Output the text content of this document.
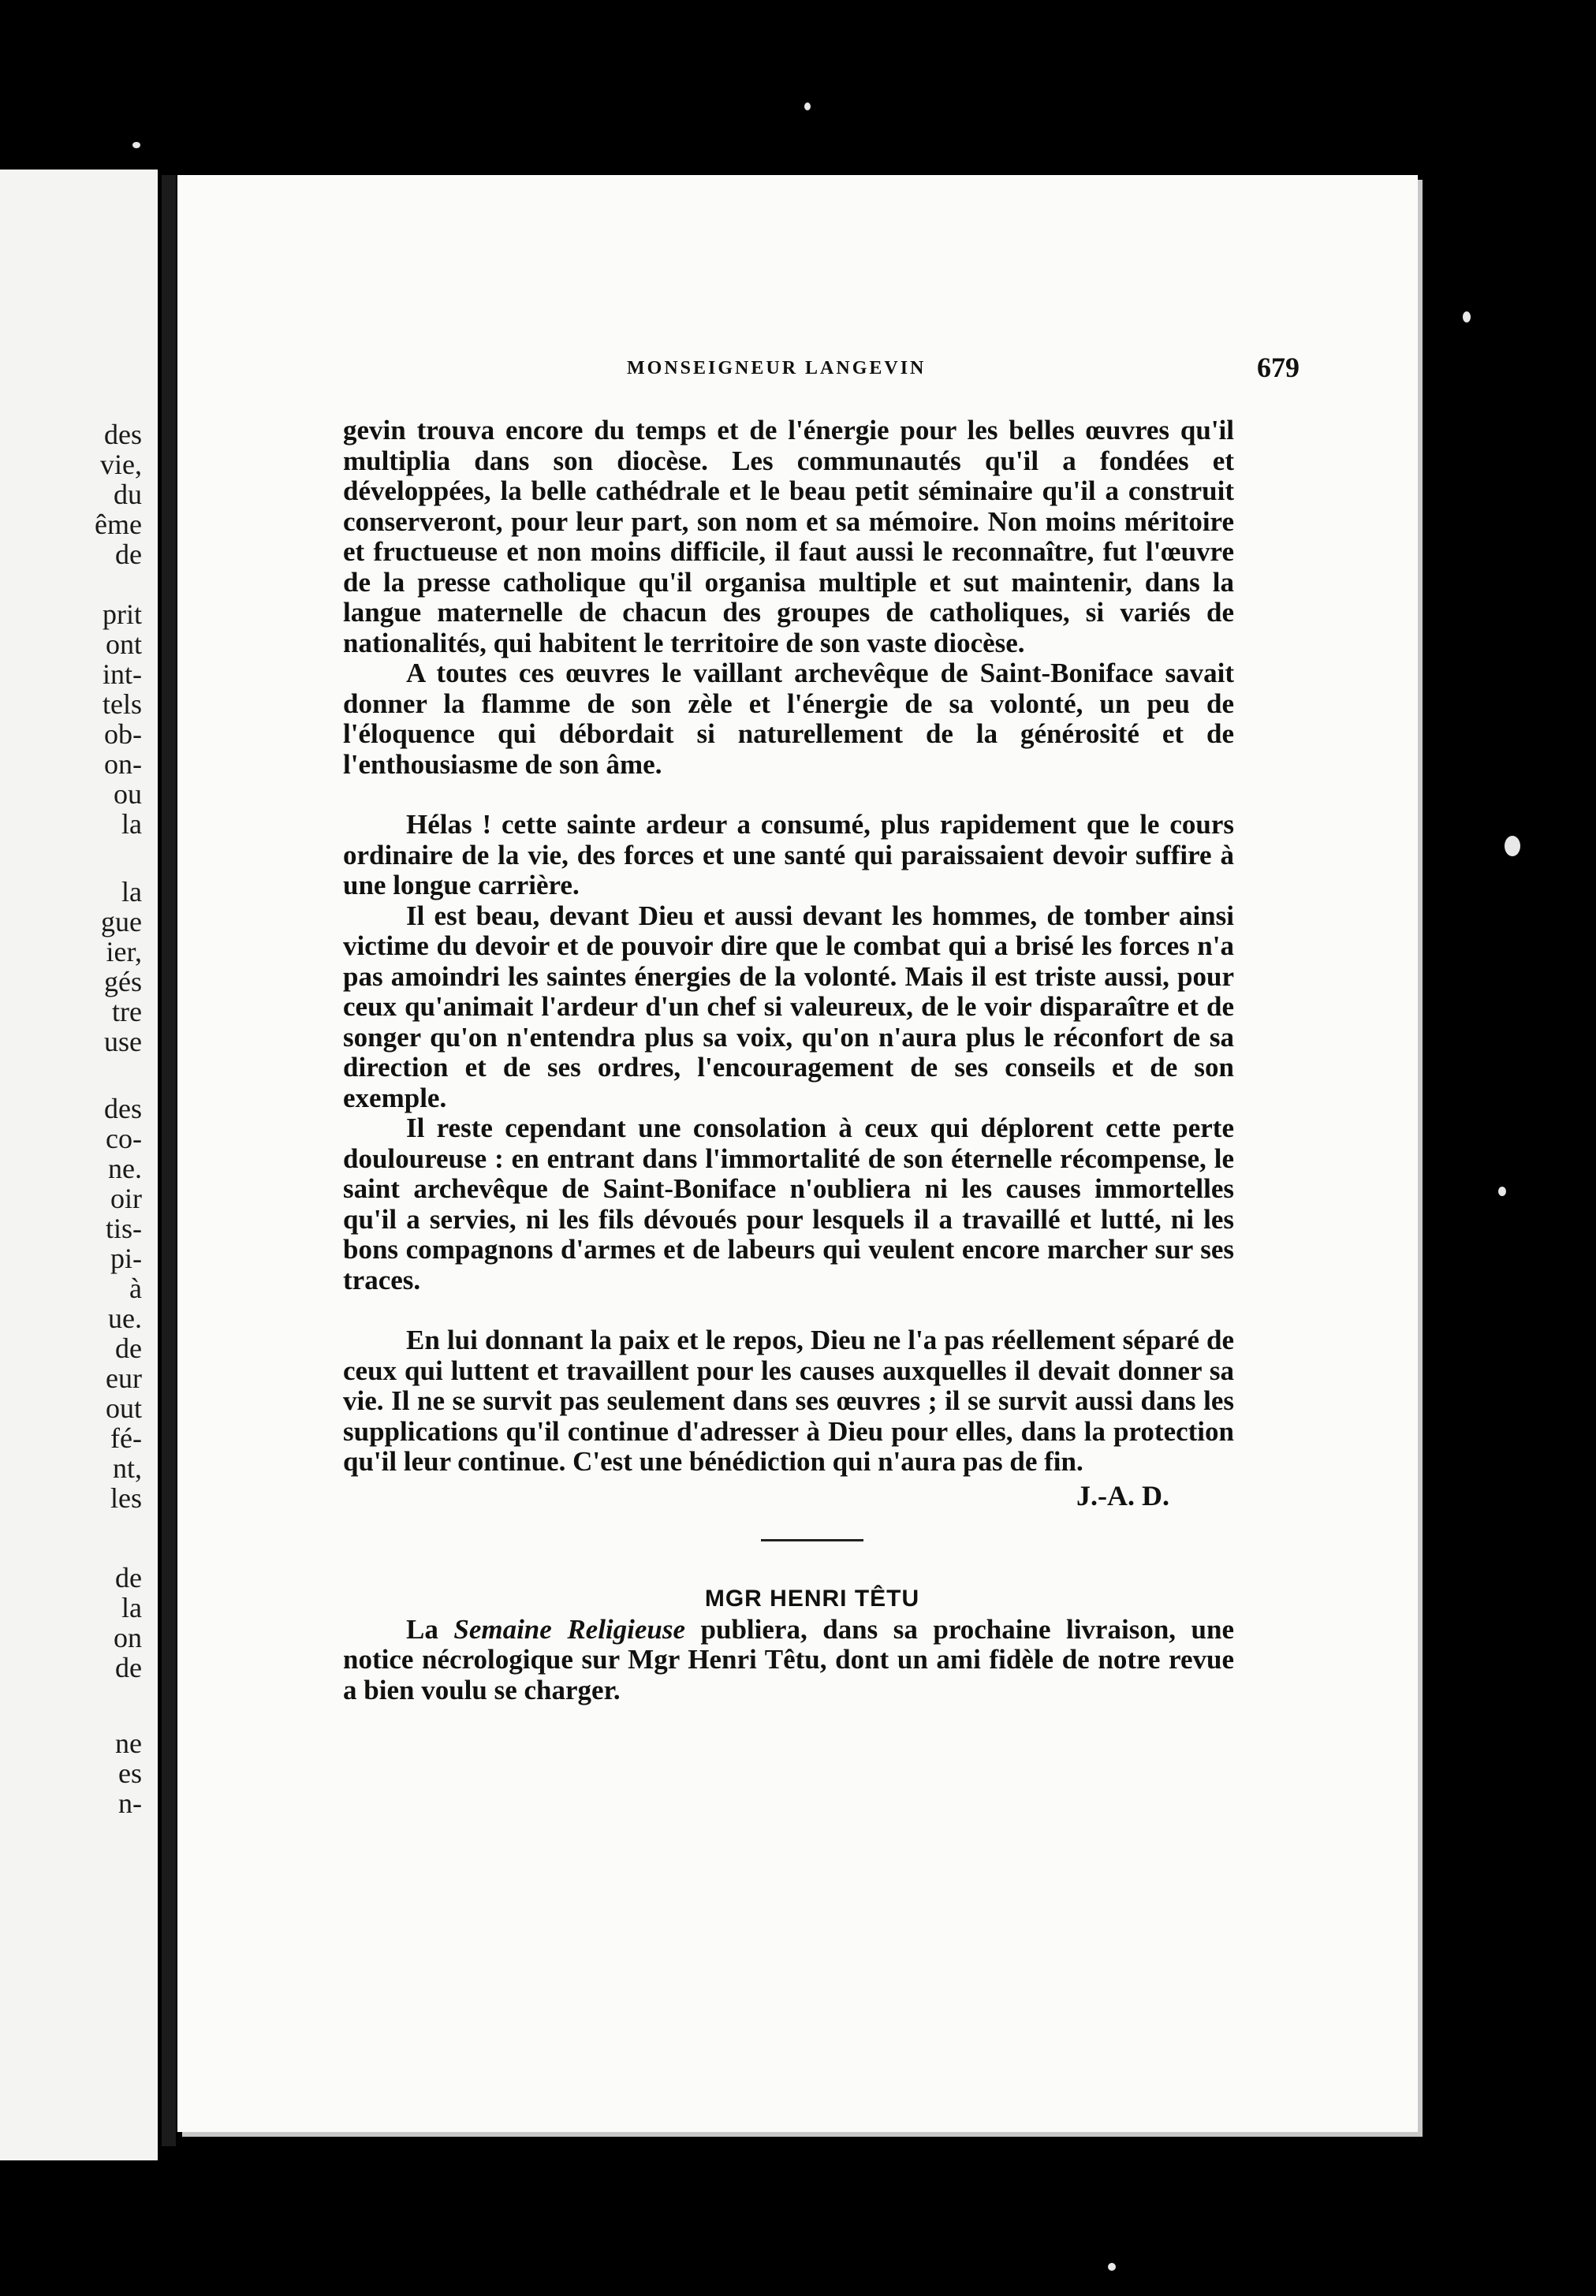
des
vie,
du
ême
de
prit
ont
int-
tels
ob-
on-
ou
la
la
gue
ier,
gés
tre
use
des
co-
ne.
oir
tis-
pi-
à
ue.
de
eur
out
fé-
nt,
les
de
la
on
de
ne
es
n-
MONSEIGNEUR LANGEVIN	679

gevin trouva encore du temps et de l'énergie pour les belles œuvres qu'il multiplia dans son diocèse. Les communautés qu'il a fondées et développées, la belle cathédrale et le beau petit séminaire qu'il a construit conserveront, pour leur part, son nom et sa mémoire. Non moins méritoire et fructueuse et non moins difficile, il faut aussi le reconnaître, fut l'œuvre de la presse catholique qu'il organisa multiple et sut maintenir, dans la langue maternelle de chacun des groupes de catholiques, si variés de nationalités, qui habitent le territoire de son vaste diocèse.

A toutes ces œuvres le vaillant archevêque de Saint-Boniface savait donner la flamme de son zèle et l'énergie de sa volonté, un peu de l'éloquence qui débordait si naturellement de la générosité et de l'enthousiasme de son âme.

Hélas ! cette sainte ardeur a consumé, plus rapidement que le cours ordinaire de la vie, des forces et une santé qui paraissaient devoir suffire à une longue carrière.

Il est beau, devant Dieu et aussi devant les hommes, de tomber ainsi victime du devoir et de pouvoir dire que le combat qui a brisé les forces n'a pas amoindri les saintes énergies de la volonté. Mais il est triste aussi, pour ceux qu'animait l'ardeur d'un chef si valeureux, de le voir disparaître et de songer qu'on n'entendra plus sa voix, qu'on n'aura plus le réconfort de sa direction et de ses ordres, l'encouragement de ses conseils et de son exemple.

Il reste cependant une consolation à ceux qui déplorent cette perte douloureuse : en entrant dans l'immortalité de son éternelle récompense, le saint archevêque de Saint-Boniface n'oubliera ni les causes immortelles qu'il a servies, ni les fils dévoués pour lesquels il a travaillé et lutté, ni les bons compagnons d'armes et de labeurs qui veulent encore marcher sur ses traces.

En lui donnant la paix et le repos, Dieu ne l'a pas réellement séparé de ceux qui luttent et travaillent pour les causes auxquelles il devait donner sa vie. Il ne se survit pas seulement dans ses œuvres ; il se survit aussi dans les supplications qu'il continue d'adresser à Dieu pour elles, dans la protection qu'il leur continue. C'est une bénédiction qui n'aura pas de fin.

J.-A. D.
MGR HENRI TÊTU

La Semaine Religieuse publiera, dans sa prochaine livraison, une notice nécrologique sur Mgr Henri Têtu, dont un ami fidèle de notre revue a bien voulu se charger.
